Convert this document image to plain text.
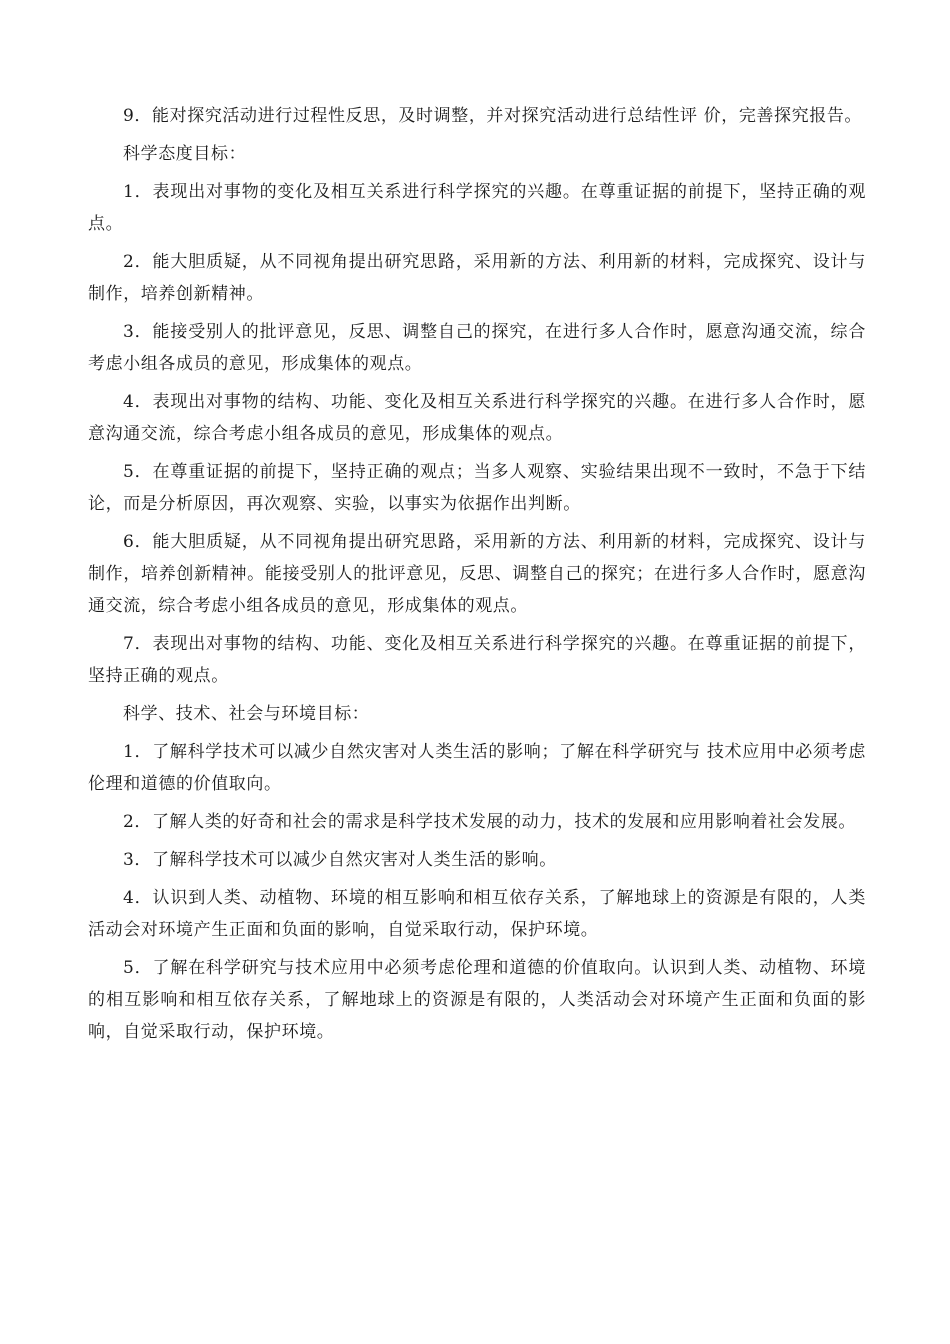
9．能对探究活动进行过程性反思，及时调整，并对探究活动进行总结性评 价，完善探究报告。

科学态度目标：

1．表现出对事物的变化及相互关系进行科学探究的兴趣。在尊重证据的前提下，坚持正确的观点。

2．能大胆质疑，从不同视角提出研究思路，采用新的方法、利用新的材料，完成探究、设计与制作，培养创新精神。

3．能接受别人的批评意见，反思、调整自己的探究，在进行多人合作时，愿意沟通交流，综合考虑小组各成员的意见，形成集体的观点。

4．表现出对事物的结构、功能、变化及相互关系进行科学探究的兴趣。在进行多人合作时，愿意沟通交流，综合考虑小组各成员的意见，形成集体的观点。

5．在尊重证据的前提下，坚持正确的观点；当多人观察、实验结果出现不一致时，不急于下结论，而是分析原因，再次观察、实验，以事实为依据作出判断。

6．能大胆质疑，从不同视角提出研究思路，采用新的方法、利用新的材料，完成探究、设计与制作，培养创新精神。能接受别人的批评意见，反思、调整自己的探究；在进行多人合作时，愿意沟通交流，综合考虑小组各成员的意见，形成集体的观点。

7．表现出对事物的结构、功能、变化及相互关系进行科学探究的兴趣。在尊重证据的前提下，坚持正确的观点。

科学、技术、社会与环境目标：

1．了解科学技术可以减少自然灾害对人类生活的影响；了解在科学研究与 技术应用中必须考虑伦理和道德的价值取向。

2．了解人类的好奇和社会的需求是科学技术发展的动力，技术的发展和应用影响着社会发展。

3．了解科学技术可以减少自然灾害对人类生活的影响。

4．认识到人类、动植物、环境的相互影响和相互依存关系，了解地球上的资源是有限的，人类活动会对环境产生正面和负面的影响，自觉采取行动，保护环境。

5．了解在科学研究与技术应用中必须考虑伦理和道德的价值取向。认识到人类、动植物、环境的相互影响和相互依存关系，了解地球上的资源是有限的，人类活动会对环境产生正面和负面的影响，自觉采取行动，保护环境。
